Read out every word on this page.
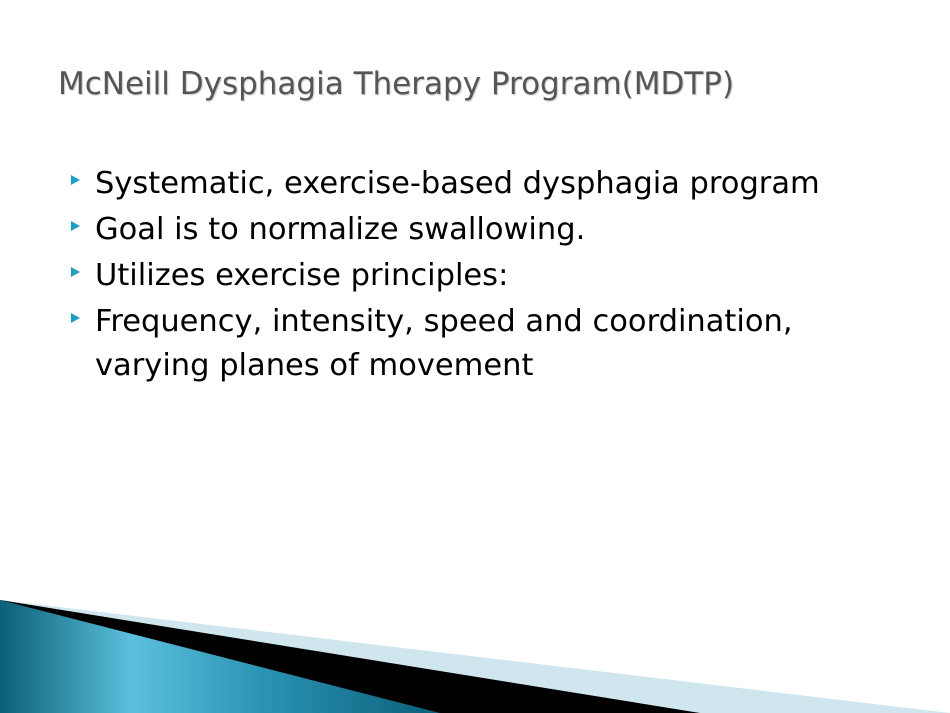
McNeill Dysphagia Therapy Program(MDTP)
Systematic, exercise-based dysphagia program
Goal is to normalize swallowing.
Utilizes exercise principles:
Frequency, intensity, speed and coordination, varying planes of movement
